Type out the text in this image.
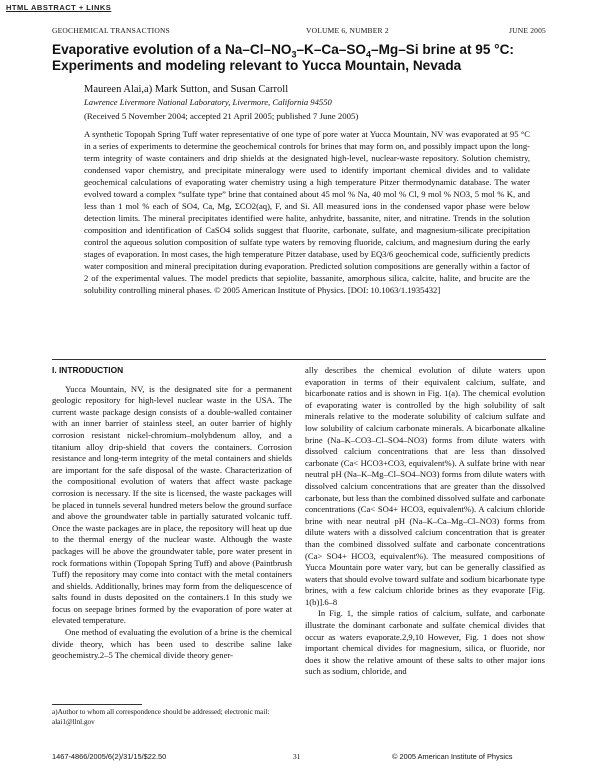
HTML ABSTRACT + LINKS
GEOCHEMICAL TRANSACTIONS	VOLUME 6, NUMBER 2	JUNE 2005
Evaporative evolution of a $Na-Cl-NO_3-K-Ca-SO_4-Mg-Si$ brine at 95 °C:
Experiments and modeling relevant to Yucca Mountain, Nevada
Maureen Alai,a) Mark Sutton, and Susan Carroll
Lawrence Livermore National Laboratory, Livermore, California 94550
(Received 5 November 2004; accepted 21 April 2005; published 7 June 2005)

A synthetic Topopah Spring Tuff water representative of one type of pore water at Yucca Mountain, NV was evaporated at 95 °C in a series of experiments to determine the geochemical controls for brines that may form on, and possibly impact upon the long-term integrity of waste containers and drip shields at the designated high-level, nuclear-waste repository. Solution chemistry, condensed vapor chemistry, and precipitate mineralogy were used to identify important chemical divides and to validate geochemical calculations of evaporating water chemistry using a high temperature Pitzer thermodynamic database. The water evolved toward a complex “sulfate type” brine that contained about 45 mol % Na, 40 mol % Cl, 9 mol % NO3, 5 mol % K, and less than 1 mol % each of SO4, Ca, Mg, ΣCO2(aq), F, and Si. All measured ions in the condensed vapor phase were below detection limits. The mineral precipitates identified were halite, anhydrite, bassanite, niter, and nitratine. Trends in the solution composition and identification of CaSO4 solids suggest that fluorite, carbonate, sulfate, and magnesium-silicate precipitation control the aqueous solution composition of sulfate type waters by removing fluoride, calcium, and magnesium during the early stages of evaporation. In most cases, the high temperature Pitzer database, used by EQ3/6 geochemical code, sufficiently predicts water composition and mineral precipitation during evaporation. Predicted solution compositions are generally within a factor of 2 of the experimental values. The model predicts that sepiolite, bassanite, amorphous silica, calcite, halite, and brucite are the solubility controlling mineral phases. © 2005 American Institute of Physics. [DOI: 10.1063/1.1935432]

I. INTRODUCTION

Yucca Mountain, NV, is the designated site for a permanent geologic repository for high-level nuclear waste in the USA. The current waste package design consists of a double-walled container with an inner barrier of stainless steel, an outer barrier of highly corrosion resistant nickel-chromium–molybdenum alloy, and a titanium alloy drip-shield that covers the containers. Corrosion resistance and long-term integrity of the metal containers and shields are important for the safe disposal of the waste. Characterization of the compositional evolution of waters that affect waste package corrosion is necessary. If the site is licensed, the waste packages will be placed in tunnels several hundred meters below the ground surface and above the groundwater table in partially saturated volcanic tuff. Once the waste packages are in place, the repository will heat up due to the thermal energy of the nuclear waste. Although the waste packages will be above the groundwater table, pore water present in rock formations within (Topopah Spring Tuff) and above (Paintbrush Tuff) the repository may come into contact with the metal containers and shields. Additionally, brines may form from the deliquescence of salts found in dusts deposited on the containers.1 In this study we focus on seepage brines formed by the evaporation of pore water at elevated temperature.

One method of evaluating the evolution of a brine is the chemical divide theory, which has been used to describe saline lake geochemistry.2–5 The chemical divide theory gener-

ally describes the chemical evolution of dilute waters upon evaporation in terms of their equivalent calcium, sulfate, and bicarbonate ratios and is shown in Fig. 1(a). The chemical evolution of evaporating water is controlled by the high solubility of salt minerals relative to the moderate solubility of calcium sulfate and low solubility of calcium carbonate minerals. A bicarbonate alkaline brine (Na–K–CO3–Cl–SO4–NO3) forms from dilute waters with dissolved calcium concentrations that are less than dissolved carbonate (Ca< HCO3+CO3, equivalent%). A sulfate brine with near neutral pH (Na–K–Mg–Cl–SO4–NO3) forms from dilute waters with dissolved calcium concentrations that are greater than the dissolved carbonate, but less than the combined dissolved sulfate and carbonate concentrations (Ca< SO4+ HCO3, equivalent%). A calcium chloride brine with near neutral pH (Na–K–Ca–Mg–Cl–NO3) forms from dilute waters with a dissolved calcium concentration that is greater than the combined dissolved sulfate and carbonate concentrations (Ca> SO4+ HCO3, equivalent%). The measured compositions of Yucca Mountain pore water vary, but can be generally classified as waters that should evolve toward sulfate and sodium bicarbonate type brines, with a few calcium chloride brines as they evaporate [Fig. 1(b)].6–8

In Fig. 1, the simple ratios of calcium, sulfate, and carbonate illustrate the dominant carbonate and sulfate chemical divides that occur as waters evaporate.2,9,10 However, Fig. 1 does not show important chemical divides for magnesium, silica, or fluoride, nor does it show the relative amount of these salts to other major ions such as sodium, chloride, and

a)Author to whom all correspondence should be addressed; electronic mail: alai1@llnl.gov
1467-4866/2005/6(2)/31/15/$22.50	31	© 2005 American Institute of Physics
